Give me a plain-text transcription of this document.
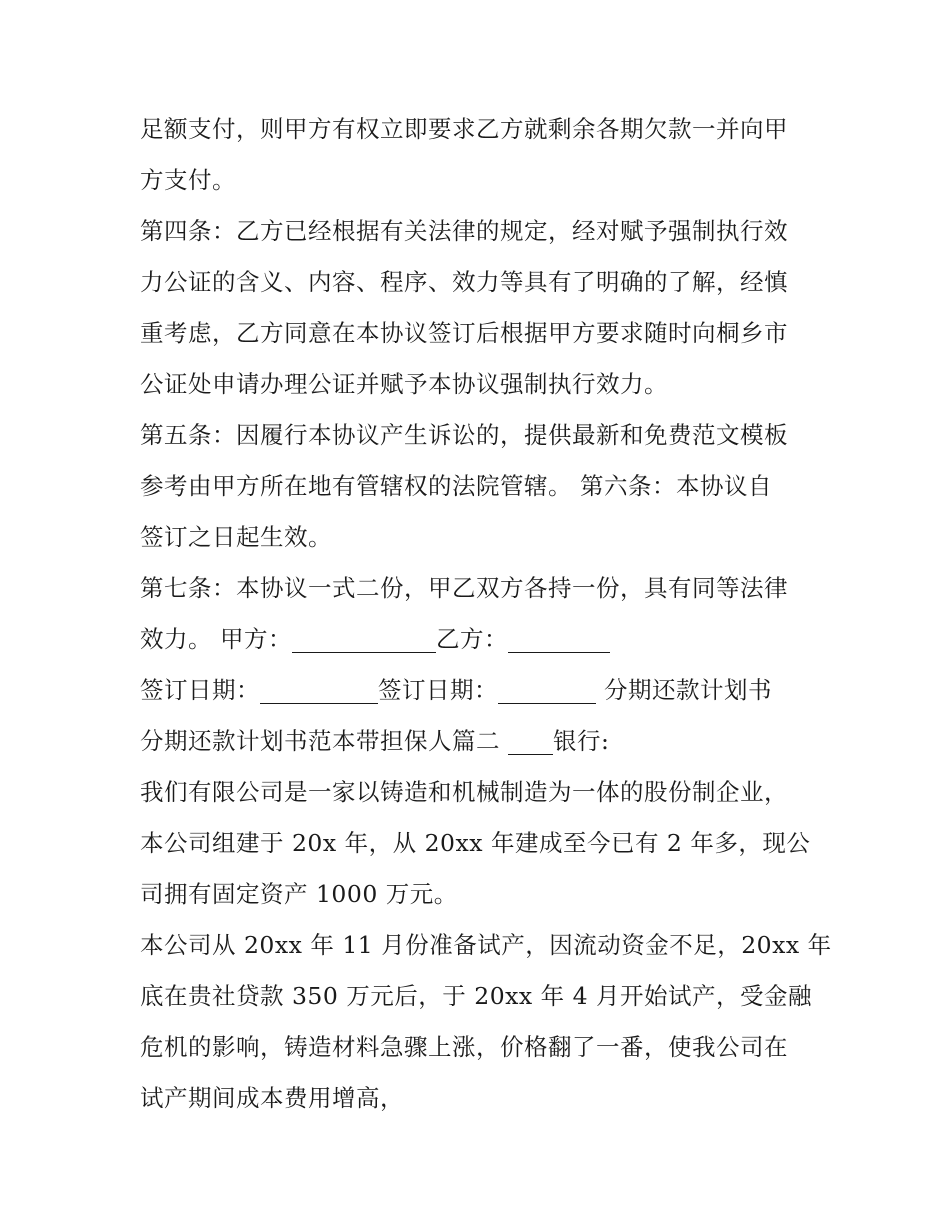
足额支付，则甲方有权立即要求乙方就剩余各期欠款一并向甲
方支付。
第四条：乙方已经根据有关法律的规定，经对赋予强制执行效
力公证的含义、内容、程序、效力等具有了明确的了解，经慎
重考虑，乙方同意在本协议签订后根据甲方要求随时向桐乡市
公证处申请办理公证并赋予本协议强制执行效力。
第五条：因履行本协议产生诉讼的，提供最新和免费范文模板
参考由甲方所在地有管辖权的法院管辖。 第六条：本协议自
签订之日起生效。
第七条：本协议一式二份，甲乙双方各持一份，具有同等法律
效力。 甲方：	乙方：
签订日期：	签订日期：	分期还款计划书
分期还款计划书范本带担保人篇二 银行:
我们有限公司是一家以铸造和机械制造为一体的股份制企业，
本公司组建于 20x 年，从 20xx 年建成至今已有 2 年多，现公
司拥有固定资产 1000 万元。
本公司从 20xx 年 11 月份准备试产，因流动资金不足，20xx 年
底在贵社贷款 350 万元后，于 20xx 年 4 月开始试产，受金融
危机的影响，铸造材料急骤上涨，价格翻了一番，使我公司在
试产期间成本费用增高，
